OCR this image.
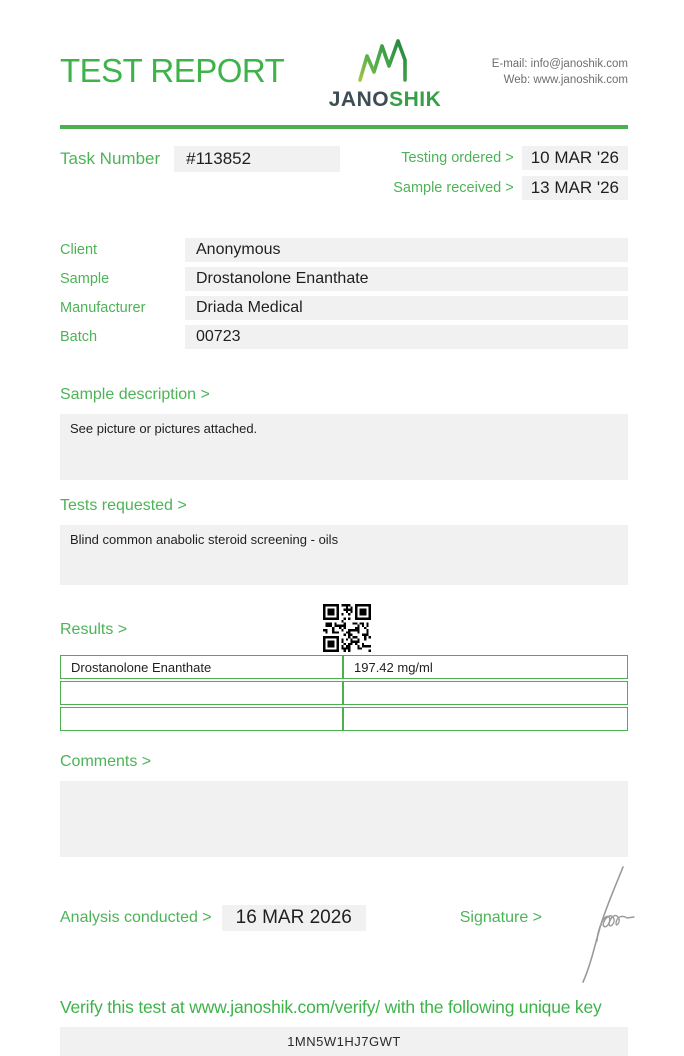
TEST REPORT
JANOSHIK
E-mail: info@janoshik.com
Web: www.janoshik.com
Task Number	#113852	Testing ordered >	10 MAR '26
Sample received >	13 MAR '26
Client	Anonymous
Sample	Drostanolone Enanthate
Manufacturer	Driada Medical
Batch	00723
Sample description >
See picture or pictures attached.
Tests requested >
Blind common anabolic steroid screening - oils
Results >
Drostanolone Enanthate	197.42 mg/ml

Comments >
Analysis conducted >	16 MAR 2026	Signature >
Verify this test at www.janoshik.com/verify/ with the following unique key
1MN5W1HJ7GWT
